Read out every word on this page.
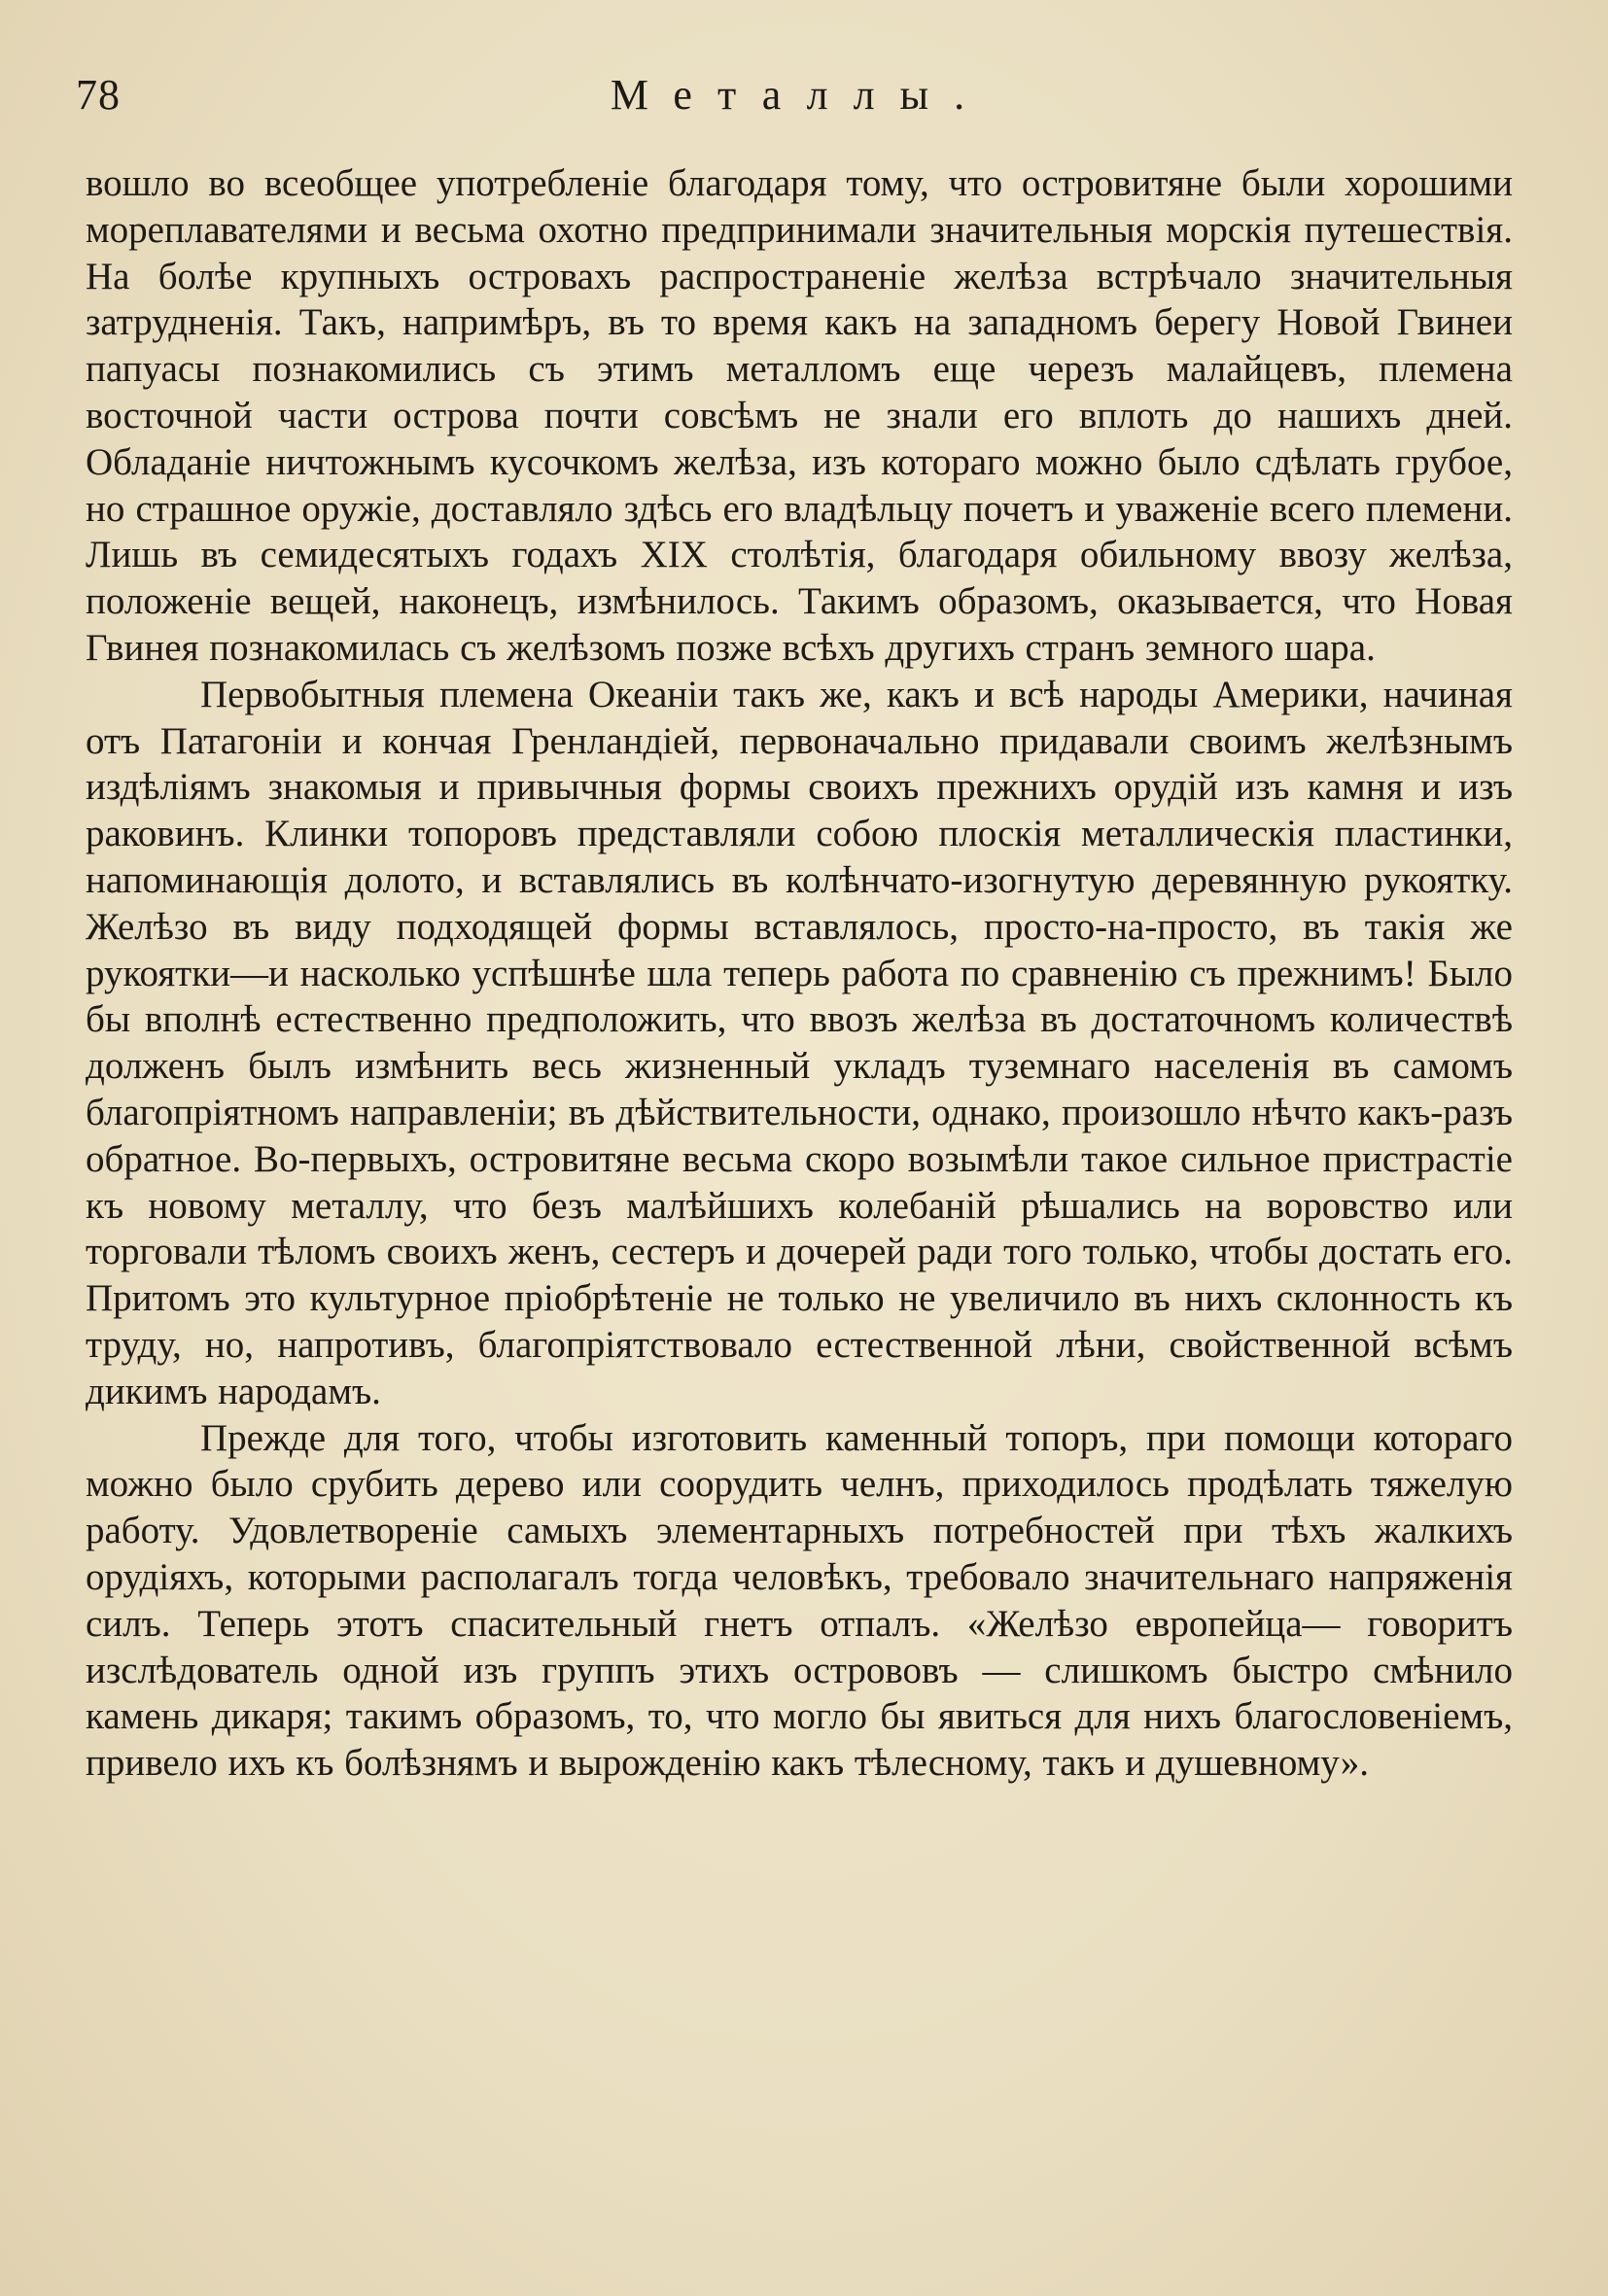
78	Металлы.

вошло во всеобщее употребленіе благодаря тому, что островитяне были хорошими мореплавателями и весьма охотно предпринимали значительныя морскія путешествія. На болѣе крупныхъ островахъ распространеніе желѣза встрѣчало значительныя затрудненія. Такъ, напримѣръ, въ то время какъ на западномъ берегу Новой Гвинеи папуасы познакомились съ этимъ металломъ еще черезъ малайцевъ, племена восточной части острова почти совсѣмъ не знали его вплоть до нашихъ дней. Обладаніе ничтожнымъ кусочкомъ желѣза, изъ котораго можно было сдѣлать грубое, но страшное оружіе, доставляло здѣсь его владѣльцу почетъ и уваженіе всего племени. Лишь въ семидесятыхъ годахъ XIX столѣтія, благодаря обильному ввозу желѣза, положеніе вещей, наконецъ, измѣнилось. Такимъ образомъ, оказывается, что Новая Гвинея познакомилась съ желѣзомъ позже всѣхъ другихъ странъ земного шара.

Первобытныя племена Океаніи такъ же, какъ и всѣ народы Америки, начиная отъ Патагоніи и кончая Гренландіей, первоначально придавали своимъ желѣзнымъ издѣліямъ знакомыя и привычныя формы своихъ прежнихъ орудій изъ камня и изъ раковинъ. Клинки топоровъ представляли собою плоскія металлическія пластинки, напоминающія долото, и вставлялись въ колѣнчато-изогнутую деревянную рукоятку. Желѣзо въ виду подходящей формы вставлялось, просто-на-просто, въ такія же рукоятки—и насколько успѣшнѣе шла теперь работа по сравненію съ прежнимъ! Было бы вполнѣ естественно предположить, что ввозъ желѣза въ достаточномъ количествѣ долженъ былъ измѣнить весь жизненный укладъ туземнаго населенія въ самомъ благопріятномъ направленіи; въ дѣйствительности, однако, произошло нѣчто какъ-разъ обратное. Во-первыхъ, островитяне весьма скоро возымѣли такое сильное пристрастіе къ новому металлу, что безъ малѣйшихъ колебаній рѣшались на воровство или торговали тѣломъ своихъ женъ, сестеръ и дочерей ради того только, чтобы достать его. Притомъ это культурное пріобрѣтеніе не только не увеличило въ нихъ склонность къ труду, но, напротивъ, благопріятствовало естественной лѣни, свойственной всѣмъ дикимъ народамъ.

Прежде для того, чтобы изготовить каменный топоръ, при помощи котораго можно было срубить дерево или соорудить челнъ, приходилось продѣлать тяжелую работу. Удовлетвореніе самыхъ элементарныхъ потребностей при тѣхъ жалкихъ орудіяхъ, которыми располагалъ тогда человѣкъ, требовало значительнаго напряженія силъ. Теперь этотъ спасительный гнетъ отпалъ. «Желѣзо европейца— говоритъ изслѣдователь одной изъ группъ этихъ острововъ — слишкомъ быстро смѣнило камень дикаря; такимъ образомъ, то, что могло бы явиться для нихъ благословеніемъ, привело ихъ къ болѣзнямъ и вырожденію какъ тѣлесному, такъ и душевному».
